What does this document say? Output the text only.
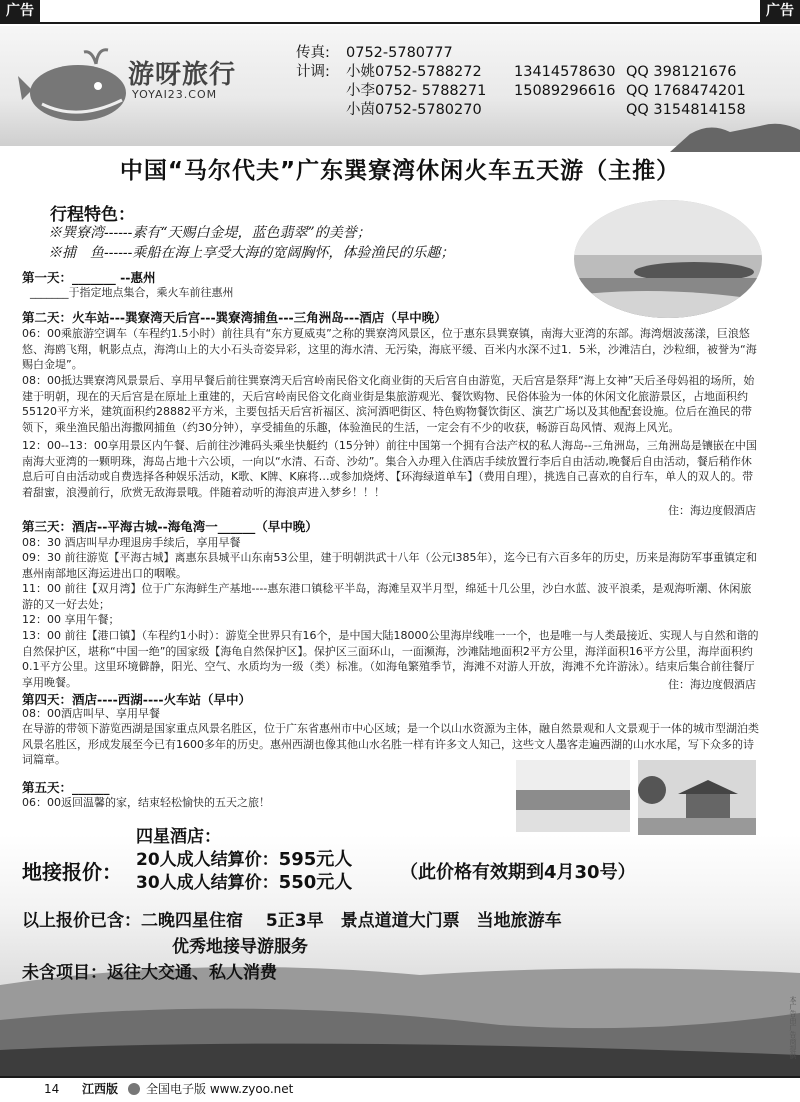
广告	广告
游呀旅行
YOYAI23.COM
传真: 0752-5780777
计调: 小姚0752-5788272 13414578630 QQ 398121676
小李0752- 5788271 15089296616 QQ 1768474201
小茵0752-5780270	QQ 3154814158
中国“马尔代夫”广东巽寮湾休闲火车五天游（主推）
行程特色：
※巽寮湾------素有“天赐白金堤，蓝色翡翠”的美誉；
※捕　鱼------乘船在海上享受大海的宽阔胸怀，体验渔民的乐趣；
第一天：_______ --惠州
_______于指定地点集合，乘火车前往惠州
第二天：火车站---巽寮湾天后宫---巽寮湾捕鱼---三角洲岛---酒店（早中晚）
06：00乘旅游空调车（车程约1.5小时）前往具有“东方夏威夷”之称的巽寮湾风景区，位于惠东县巽寮镇，南海大亚湾的东部。海湾烟波荡漾，巨浪悠悠、海鸥飞翔，帆影点点，海湾山上的大小石头奇姿异彩，这里的海水清、无污染，海底平缓、百米内水深不过1．5米，沙滩洁白，沙粒细，被誉为“海赐白金堤”。
08：00抵达巽寮湾风景景后、享用早餐后前往巽寮湾天后宫岭南民俗文化商业街的天后宫自由游览，天后宫是祭拜“海上女神”天后圣母妈祖的场所，始建于明朝，现在的天后宫是在原址上重建的，天后宫岭南民俗文化商业街是集旅游观光、餐饮购物、民俗体验为一体的休闲文化旅游景区，占地面积约55120平方米，建筑面积约28882平方米，主要包括天后宫祈福区、滨河酒吧街区、特色购物餐饮街区、演艺广场以及其他配套设施。位后在渔民的带领下，乘坐渔民船出海撒网捕鱼（约30分钟），享受捕鱼的乐趣，体验渔民的生活，一定会有不少的收获，畅游百岛风情、观海上风光。
12：00--13：00享用景区内午餐、后前往沙滩码头乘坐快艇约（15分钟）前往中国第一个拥有合法产权的私人海岛--三角洲岛，三角洲岛是镶嵌在中国南海大亚湾的一颗明珠，海岛占地十六公顷，一向以“水清、石奇、沙幼”。集合入办理入住酒店手续放置行李后自由活动,晚餐后自由活动，餐后稍作休息后可自由活动或自费选择各种娱乐活动，K歌、K牌、K麻将…或参加烧烤、【环海绿道单车】（费用自理），挑选自己喜欢的自行车，单人的双人的。带着甜蜜，浪漫前行，欣赏无敌海景哦。伴随着动听的海浪声进入梦乡！！！
住：海边度假酒店
第三天：酒店--平海古城--海龟湾一______（早中晚）
08：30 酒店叫早办理退房手续后，享用早餐
09：30 前往游览【平海古城】离惠东县城平山东南53公里，建于明朝洪武十八年（公元l385年），迄今已有六百多年的历史，历来是海防军事重镇定和惠州南部地区海运进出口的咽喉。
11：00 前往【双月湾】位于广东海鲜生产基地----惠东港口镇稔平半岛，海滩呈双半月型，绵延十几公里，沙白水蓝、波平浪柔，是观海听潮、休闲旅游的又一好去处；
12：00 享用午餐；
13：00 前往【港口镇】（车程约1小时）：游览全世界只有16个，是中国大陆18000公里海岸线唯一一个，也是唯一与人类最接近、实现人与自然和谐的自然保护区，堪称“中国一绝”的国家级【海龟自然保护区】。保护区三面环山，一面濒海，沙滩陆地面积2平方公里，海洋面积16平方公里，海岸面积约0.1平方公里。这里环境僻静，阳光、空气、水质均为一级（类）标准。（如海龟繁殖季节，海滩不对游人开放，海滩不允许游泳）。结束后集合前往餐厅享用晚餐。	住：海边度假酒店
第四天：酒店----西湖----火车站（早中）
08：00酒店叫早、享用早餐
在导游的带领下游览西湖是国家重点风景名胜区，位于广东省惠州市中心区域；是一个以山水资源为主体，融自然景观和人文景观于一体的城市型湖泊类风景名胜区，形成发展至今已有1600多年的历史。惠州西湖也像其他山水名胜一样有许多文人知己，这些文人墨客走遍西湖的山水水尾，写下众多的诗词篇章。
第五天：______
06：00返回温馨的家，结束轻松愉快的五天之旅！
四星酒店：
地接报价： 20人成人结算价：595元人
30人成人结算价：550元人	（此价格有效期到4月30号）
以上报价已含：二晚四星住宿　 5正3早　景点道道大门票　当地旅游车
优秀地接导游服务
未含项目：返往大交通、私人消费
本广告由广告商提供
14 江西版 全国电子版 www.zyoo.net
